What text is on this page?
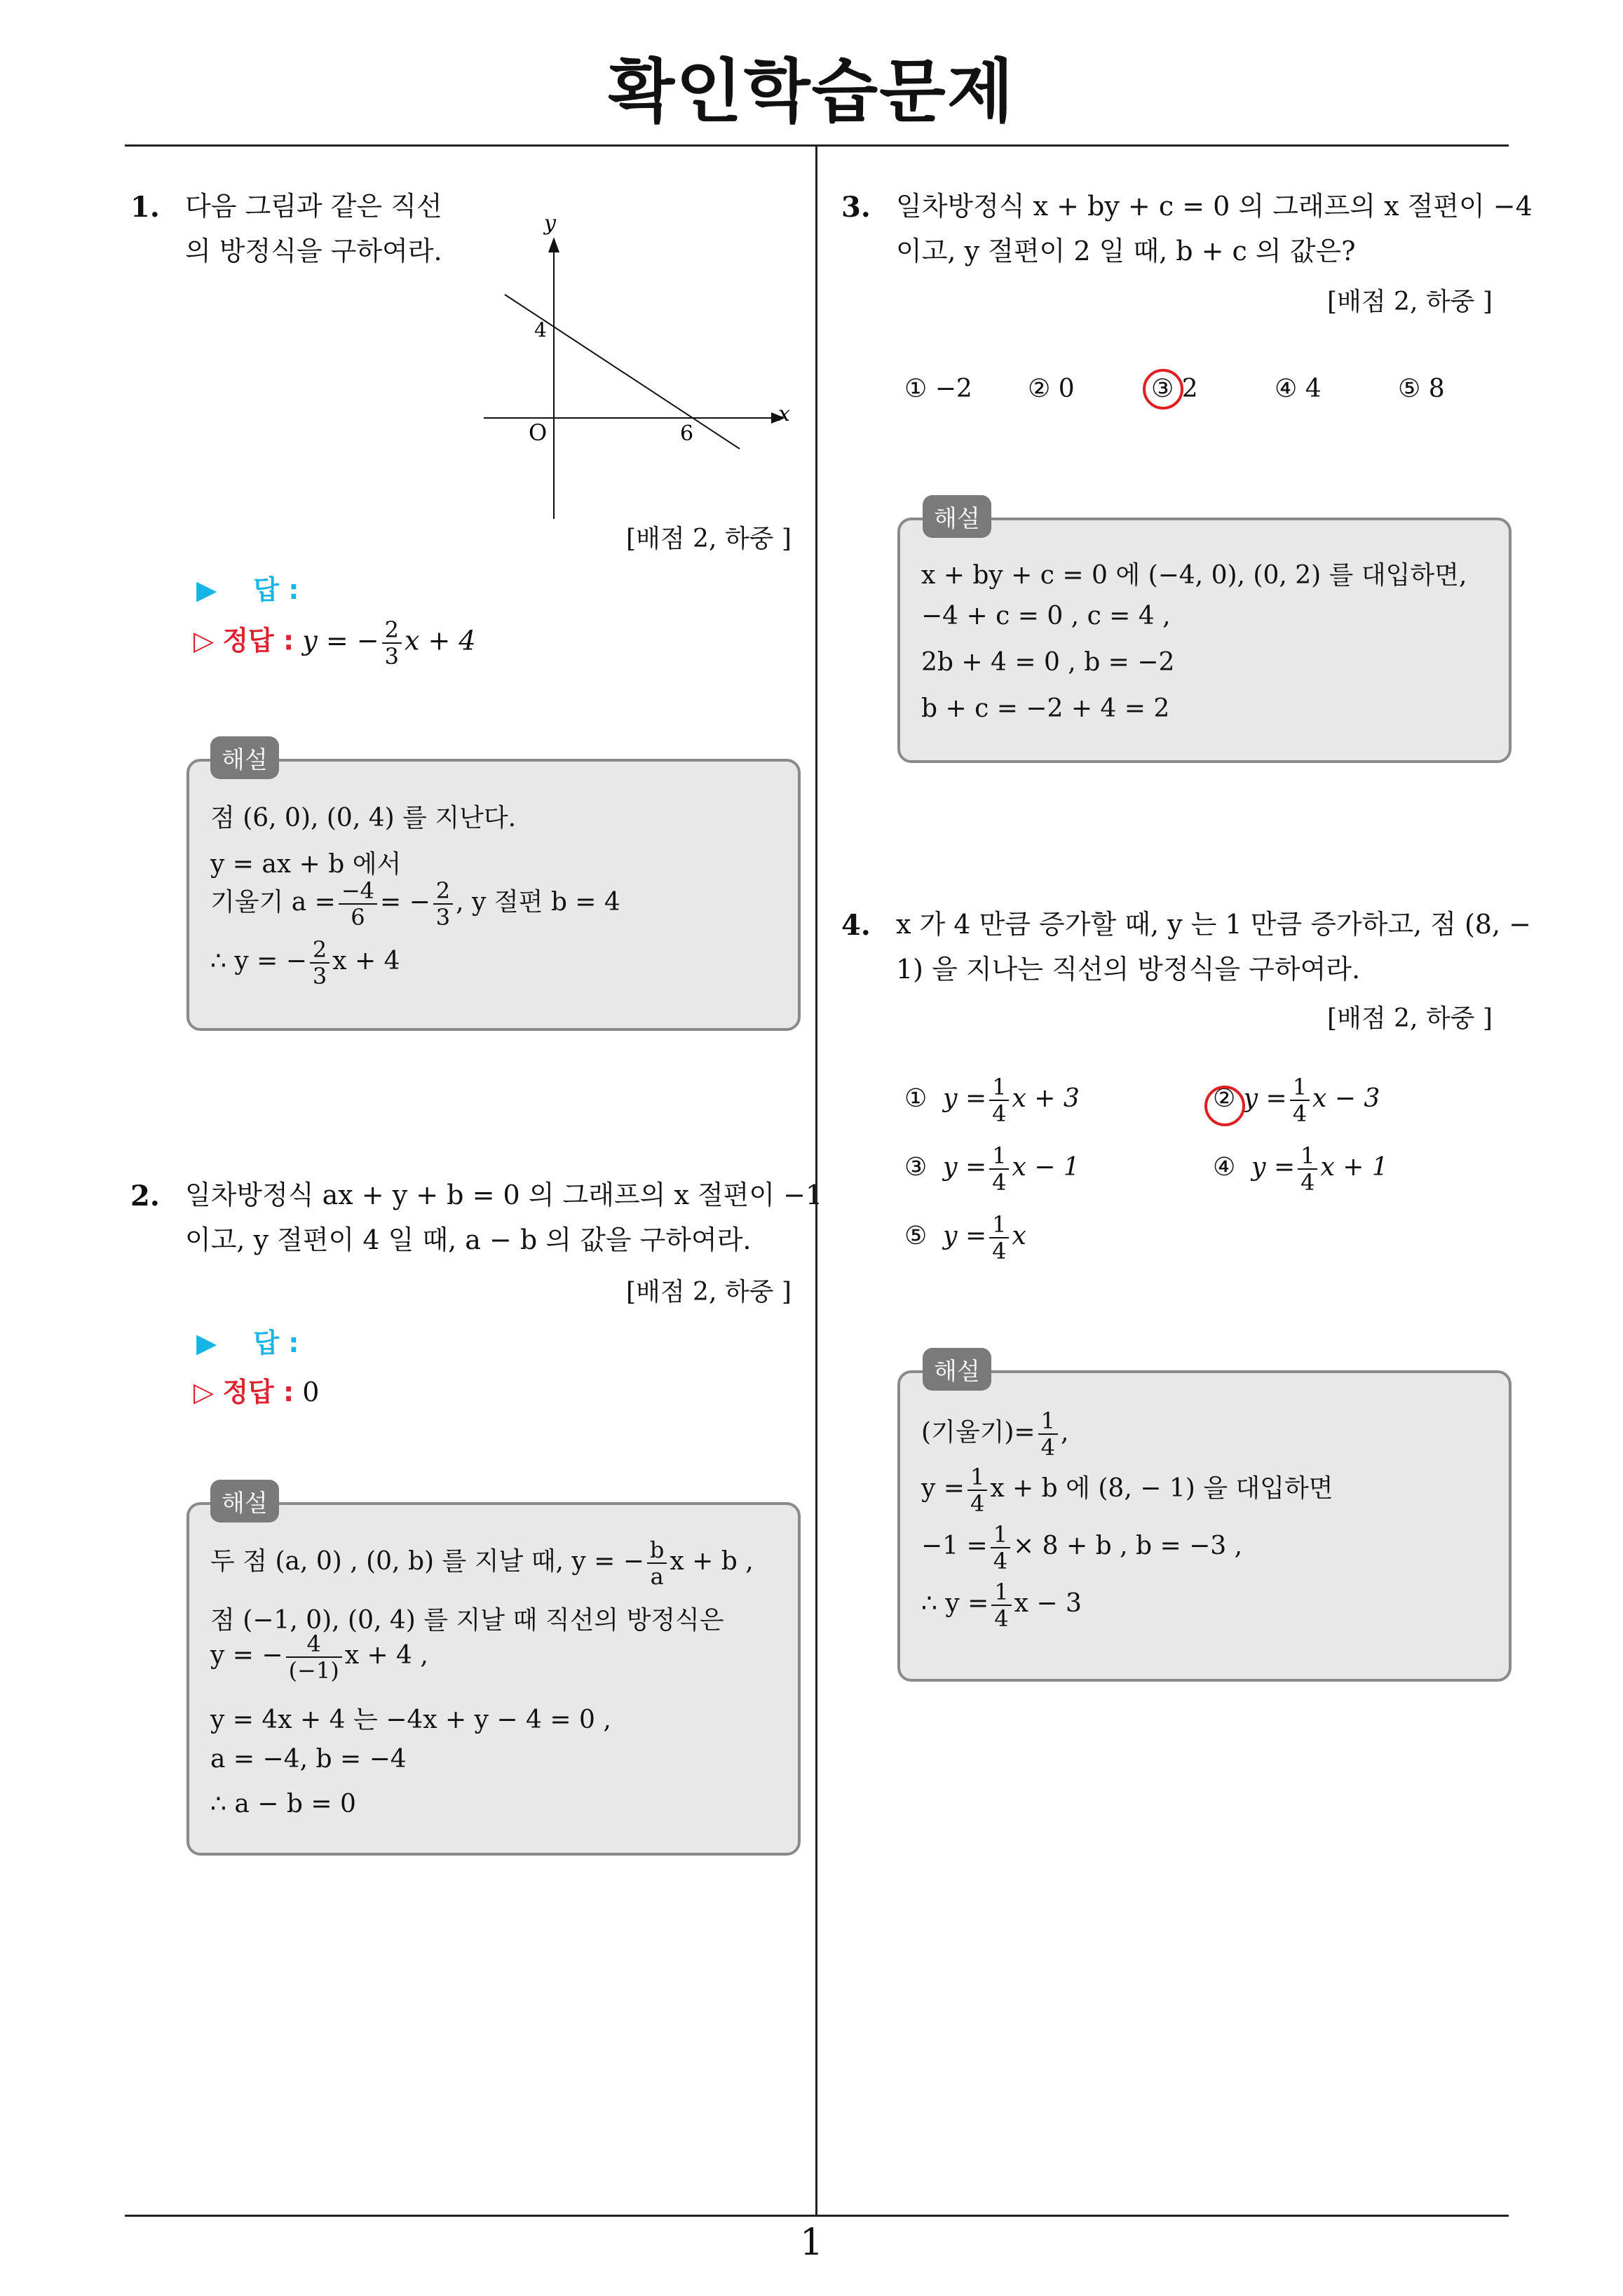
확인학습문제
1
1. 다음 그림과 같은 직선
의 방정식을 구하여라.
y
x
4
O	6
[배점 2, 하중 ]
▶ 답 :
▷ 정답 : y = − $\frac{2}{3}$ x + 4
점 (6, 0), (0, 4) 를 지난다.
y = ax + b 에서
기울기 $a = \frac{-4}{6}$ = − $\frac{2}{3}$ , y 절편 b = 4
∴ y = − $\frac{2}{3}$ x + 4
해설
2. 일차방정식 ax + y + b = 0 의 그래프의 x 절편이 −1
이고, y 절편이 4 일 때, a − b 의 값을 구하여라.
[배점 2, 하중 ]
▶ 답 :
▷ 정답 : 0
두 점 (a, 0) , (0, b) 를 지날 때, y = − $\frac{b}{a}$ x + b ,
점 (−1, 0), (0, 4) 를 지날 때 직선의 방정식은
y = − $\frac{4}{(-1)}$ x + 4 ,
y = 4x + 4 는 −4x + y − 4 = 0 ,
a = −4, b = −4
∴ a − b = 0
해설
3. 일차방정식 x + by + c = 0 의 그래프의 x 절편이 −4
이고, y 절편이 2 일 때, b + c 의 값은?
[배점 2, 하중 ]
① −2 ② 0	③ 2	④ 4	⑤ 8
x + by + c = 0 에 (−4, 0), (0, 2) 를 대입하면,
−4 + c = 0 , c = 4 ,
2b + 4 = 0 , b = −2
b + c = −2 + 4 = 2
해설
4. x 가 4 만큼 증가할 때, y 는 1 만큼 증가하고, 점 (8, −
1) 을 지나는 직선의 방정식을 구하여라.
[배점 2, 하중 ]
① $y = \frac{1}{4}$ x + 3	② $y = \frac{1}{4}$ x − 3
③ $y = \frac{1}{4}$ x − 1	④ $y = \frac{1}{4}$ x + 1
⑤ $y = \frac{1}{4}$ x
(기울기)= $\frac{1}{4}$ ,
$y = \frac{1}{4}$ x + b 에 (8, − 1) 을 대입하면
$-1 = \frac{1}{4} \times 8 + b$ , b = −3 ,
∴ $y = \frac{1}{4}$ x − 3
해설
